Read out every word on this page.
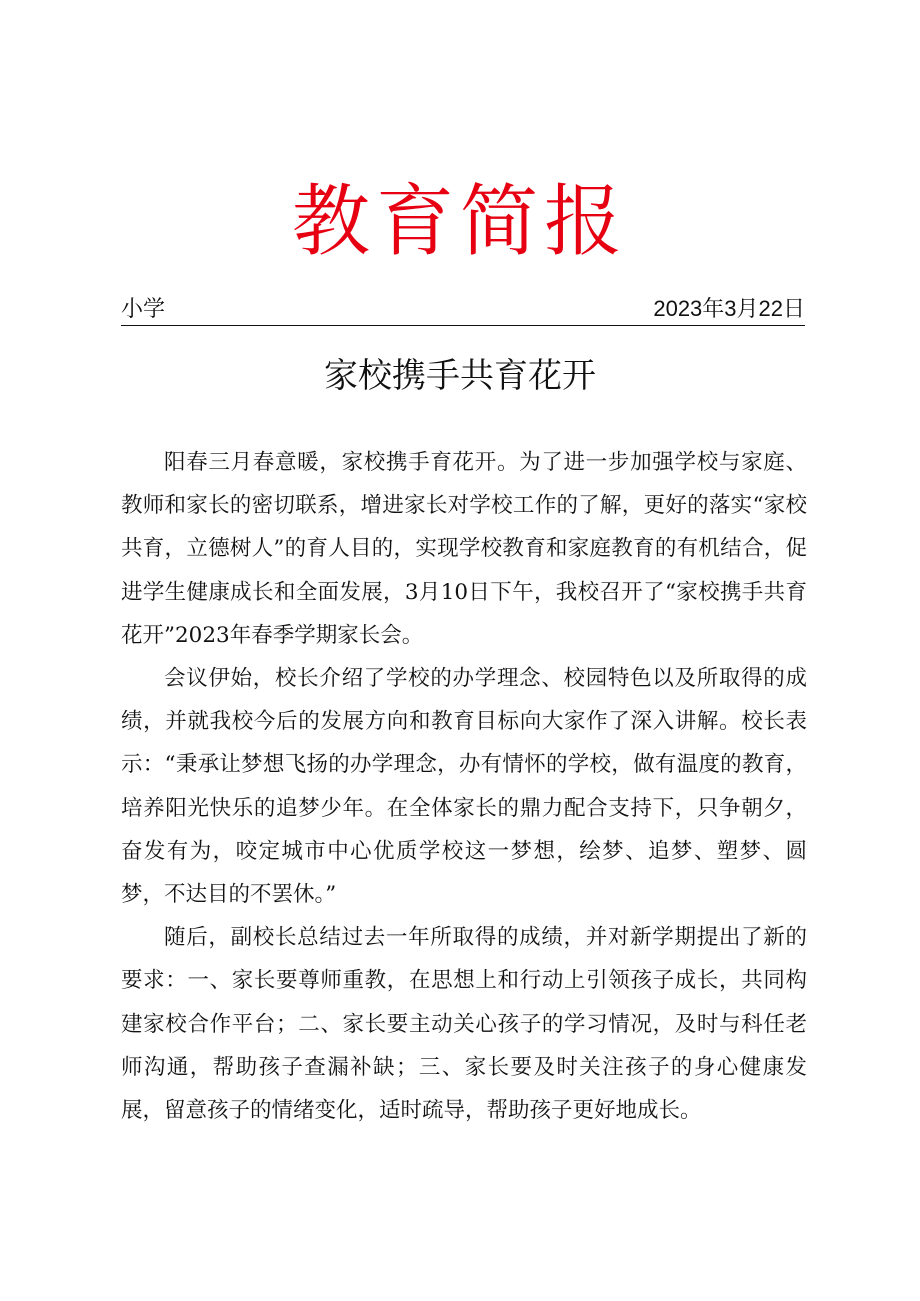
教育简报
小学	2023年3月22日
家校携手共育花开

阳春三月春意暖，家校携手育花开。为了进一步加强学校与家庭、教师和家长的密切联系，增进家长对学校工作的了解，更好的落实“家校共育，立德树人”的育人目的，实现学校教育和家庭教育的有机结合，促进学生健康成长和全面发展，3月10日下午，我校召开了“家校携手共育花开”2023年春季学期家长会。

会议伊始，校长介绍了学校的办学理念、校园特色以及所取得的成绩，并就我校今后的发展方向和教育目标向大家作了深入讲解。校长表示：“秉承让梦想飞扬的办学理念，办有情怀的学校，做有温度的教育，培养阳光快乐的追梦少年。在全体家长的鼎力配合支持下，只争朝夕，奋发有为，咬定城市中心优质学校这一梦想，绘梦、追梦、塑梦、圆梦，不达目的不罢休。”

随后，副校长总结过去一年所取得的成绩，并对新学期提出了新的要求：一、家长要尊师重教，在思想上和行动上引领孩子成长，共同构建家校合作平台；二、家长要主动关心孩子的学习情况，及时与科任老师沟通，帮助孩子查漏补缺；三、家长要及时关注孩子的身心健康发展，留意孩子的情绪变化，适时疏导，帮助孩子更好地成长。
